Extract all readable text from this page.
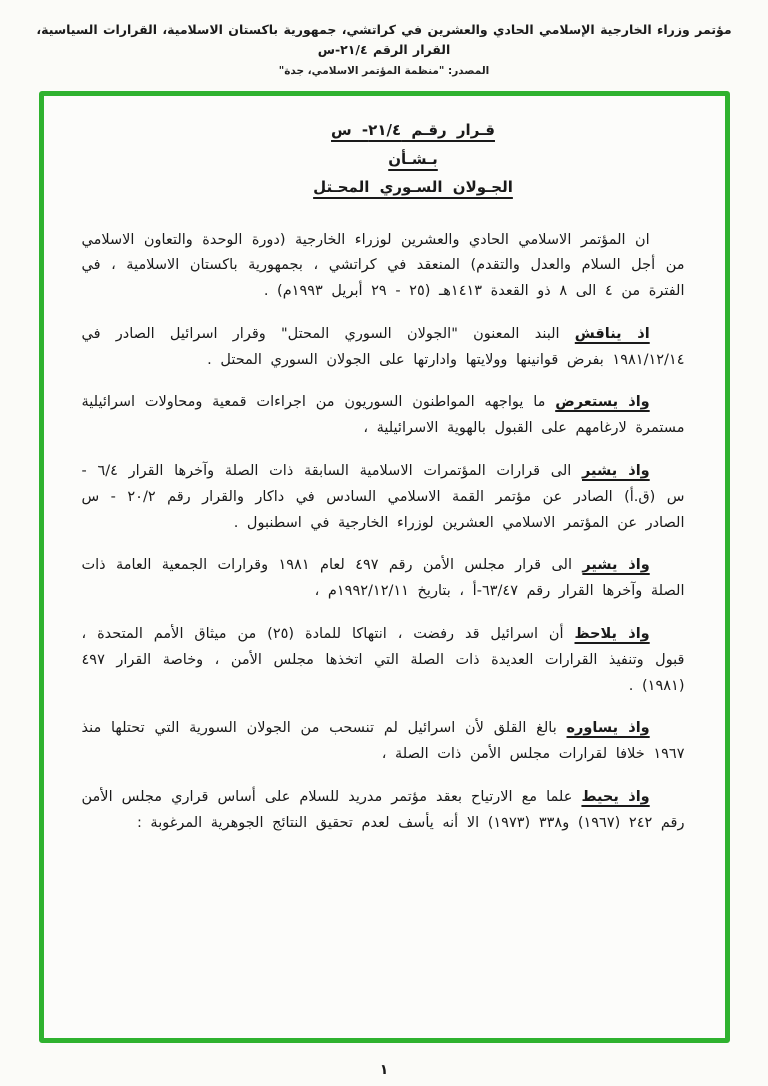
مؤتمر وزراء الخارجية الإسلامي الحادي والعشرين في كراتشي، جمهورية باكستان الاسلامية، القرارات السياسية، القرار الرقم ٢١/٤-س
المصدر: "منظمة المؤتمر الاسلامي، جدة"
قـرار رقـم ٢١/٤- س
بـشـأن
الجـولان السـوري المحـتل

ان المؤتمر الاسلامي الحادي والعشرين لوزراء الخارجية (دورة الوحدة والتعاون الاسلامي من أجل السلام والعدل والتقدم) المنعقد في كراتشي ، بجمهورية باكستان الاسلامية ، في الفترة من ٤ الى ٨ ذو القعدة ١٤١٣هـ (٢٥ - ٢٩ أبريل ١٩٩٣م) .

اذ يناقش البند المعنون "الجولان السوري المحتل" وقرار اسرائيل الصادر في ١٩٨١/١٢/١٤ بفرض قوانينها وولايتها وادارتها على الجولان السوري المحتل .

واذ يستعرض ما يواجهه المواطنون السوريون من اجراءات قمعية ومحاولات اسرائيلية مستمرة لارغامهم على القبول بالهوية الاسرائيلية ،

واذ يشير الى قرارات المؤتمرات الاسلامية السابقة ذات الصلة وآخرها القرار ٦/٤ - س (ق.أ) الصادر عن مؤتمر القمة الاسلامي السادس في داكار والقرار رقم ٢٠/٢ - س الصادر عن المؤتمر الاسلامي العشرين لوزراء الخارجية في اسطنبول .

واذ يشير الى قرار مجلس الأمن رقم ٤٩٧ لعام ١٩٨١ وقرارات الجمعية العامة ذات الصلة وآخرها القرار رقم ٦٣/٤٧-أ ، بتاريخ ١٩٩٢/١٢/١١م ،

واذ يلاحظ أن اسرائيل قد رفضت ، انتهاكا للمادة (٢٥) من ميثاق الأمم المتحدة ، قبول وتنفيذ القرارات العديدة ذات الصلة التي اتخذها مجلس الأمن ، وخاصة القرار ٤٩٧ (١٩٨١) .

واذ يساوره بالغ القلق لأن اسرائيل لم تنسحب من الجولان السورية التي تحتلها منذ ١٩٦٧ خلافا لقرارات مجلس الأمن ذات الصلة ،

واذ يحيط علما مع الارتياح بعقد مؤتمر مدريد للسلام على أساس قراري مجلس الأمن رقم ٢٤٢ (١٩٦٧) و٣٣٨ (١٩٧٣) الا أنه يأسف لعدم تحقيق النتائج الجوهرية المرغوبة :

١
